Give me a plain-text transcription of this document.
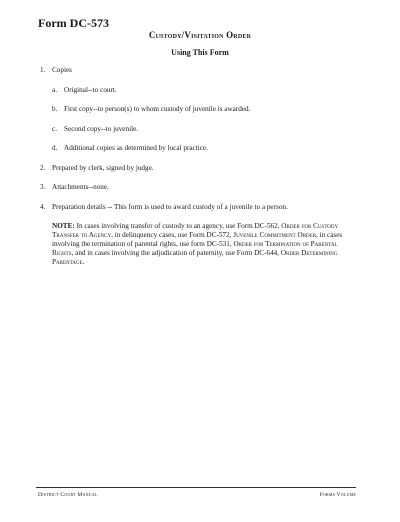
Form DC-573

Custody/Visitation Order

Using This Form

1. Copies
a. Original--to court.
b. First copy--to person(s) to whom custody of juvenile is awarded.
c. Second copy--to juvenile.
d. Additional copies as determined by local practice.
2. Prepared by clerk, signed by judge.
3. Attachments--none.
4. Preparation details -- This form is used to award custody of a juvenile to a person.
NOTE: In cases involving transfer of custody to an agency, use Form DC-562, Order for Custody Transfer to Agency, in delinquency cases, use Form DC-572, Juvenile Commitment Order, in cases involving the termination of parental rights, use form DC-531, Order for Termination of Parental Rights, and in cases involving the adjudication of paternity, use Form DC-644, Order Determining Parentage.
District Court Manual	Forms Volume
